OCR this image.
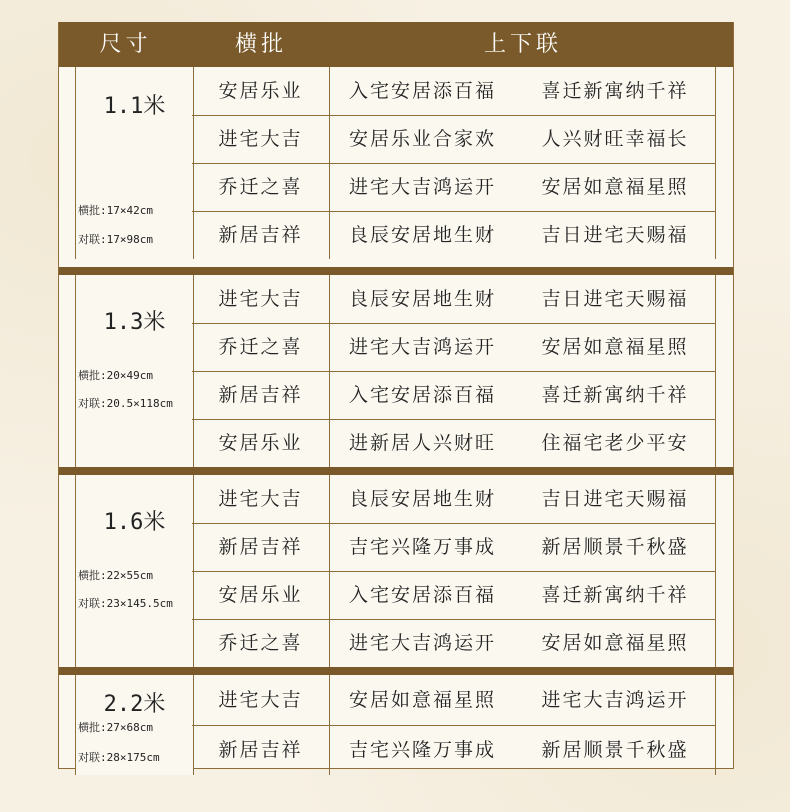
尺寸	横批	上下联
1.1米
横批:17×42cm
对联:17×98cm
安居乐业	入宅安居添百福	喜迁新寓纳千祥
进宅大吉	安居乐业合家欢	人兴财旺幸福长
乔迁之喜	进宅大吉鸿运开	安居如意福星照
新居吉祥	良辰安居地生财	吉日进宅天赐福
1.3米
横批:20×49cm
对联:20.5×118cm
进宅大吉	良辰安居地生财	吉日进宅天赐福
乔迁之喜	进宅大吉鸿运开	安居如意福星照
新居吉祥	入宅安居添百福	喜迁新寓纳千祥
安居乐业	进新居人兴财旺	住福宅老少平安
1.6米
横批:22×55cm
对联:23×145.5cm
进宅大吉	良辰安居地生财	吉日进宅天赐福
新居吉祥	吉宅兴隆万事成	新居顺景千秋盛
安居乐业	入宅安居添百福	喜迁新寓纳千祥
乔迁之喜	进宅大吉鸿运开	安居如意福星照
2.2米
横批:27×68cm
对联:28×175cm
进宅大吉	安居如意福星照	进宅大吉鸿运开
新居吉祥	吉宅兴隆万事成	新居顺景千秋盛
